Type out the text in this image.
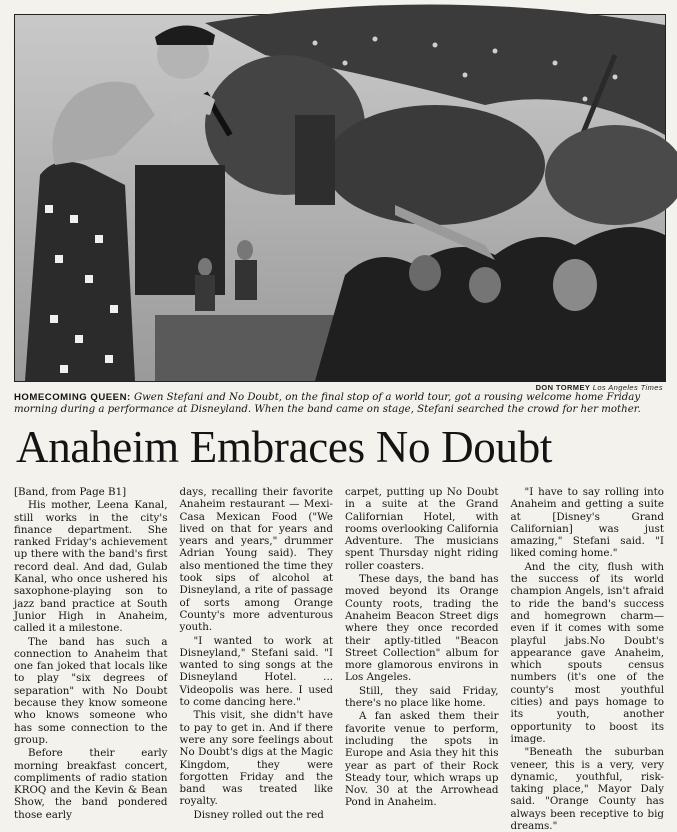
DON TORMEY Los Angeles Times
HOMECOMING QUEEN: Gwen Stefani and No Doubt, on the final stop of a world tour, got a rousing welcome home Friday morning during a performance at Disneyland. When the band came on stage, Stefani searched the crowd for her mother.
Anaheim Embraces No Doubt

[Band, from Page B1]

His mother, Leena Kanal, still works in the city's finance department. She ranked Friday's achievement up there with the band's first record deal. And dad, Gulab Kanal, who once ushered his saxophone-playing son to jazz band practice at South Junior High in Anaheim, called it a milestone.

The band has such a connection to Anaheim that one fan joked that locals like to play "six degrees of separation" with No Doubt because they know someone who knows someone who has some connection to the group.

Before their early morning breakfast concert, compliments of radio station KROQ and the Kevin & Bean Show, the band pondered those early

days, recalling their favorite Anaheim restaurant — Mexi-Casa Mexican Food ("We lived on that for years and years and years," drummer Adrian Young said). They also mentioned the time they took sips of alcohol at Disneyland, a rite of passage of sorts among Orange County's more adventurous youth.

"I wanted to work at Disneyland," Stefani said. "I wanted to sing songs at the Disneyland Hotel. ... Videopolis was here. I used to come dancing here."

This visit, she didn't have to pay to get in. And if there were any sore feelings about No Doubt's digs at the Magic Kingdom, they were forgotten Friday and the band was treated like royalty.

Disney rolled out the red

carpet, putting up No Doubt in a suite at the Grand Californian Hotel, with rooms overlooking California Adventure. The musicians spent Thursday night riding roller coasters.

These days, the band has moved beyond its Orange County roots, trading the Anaheim Beacon Street digs where they once recorded their aptly-titled "Beacon Street Collection" album for more glamorous environs in Los Angeles.

Still, they said Friday, there's no place like home.

A fan asked them their favorite venue to perform, including the spots in Europe and Asia they hit this year as part of their Rock Steady tour, which wraps up Nov. 30 at the Arrowhead Pond in Anaheim.

"I have to say rolling into Anaheim and getting a suite at [Disney's Grand Californian] was just amazing," Stefani said. "I liked coming home."

And the city, flush with the success of its world champion Angels, isn't afraid to ride the band's success and homegrown charm—even if it comes with some playful jabs.No Doubt's appearance gave Anaheim, which spouts census numbers (it's one of the county's most youthful cities) and pays homage to its youth, another opportunity to boost its image.

"Beneath the suburban veneer, this is a very, very dynamic, youthful, risk-taking place," Mayor Daly said. "Orange County has always been receptive to big dreams."
